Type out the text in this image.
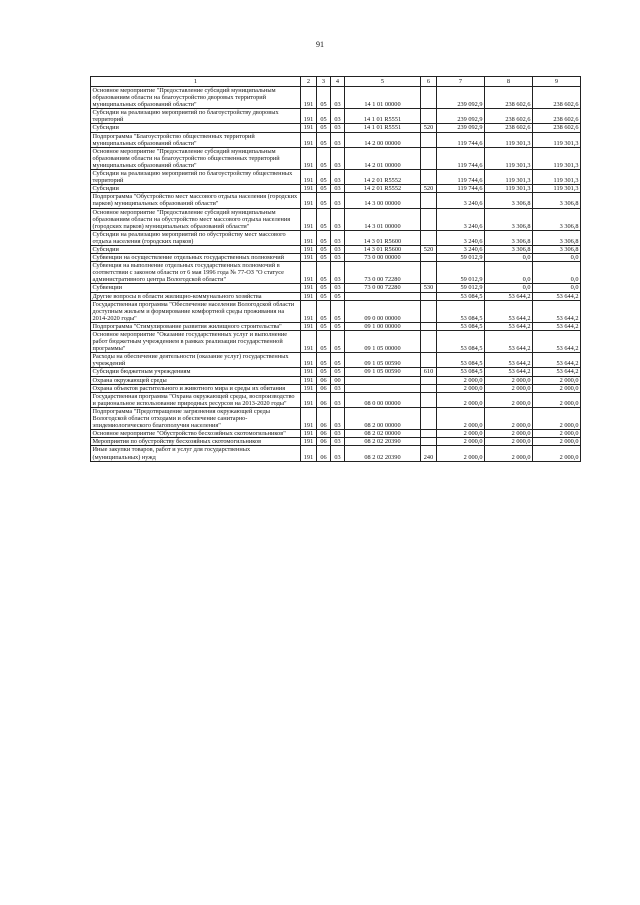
91
1	2	3	4	5	6	7	8	9
Основное мероприятие "Предоставление субсидий муниципальным образованиям области на благоустройство дворовых территорий муниципальных образований области"	191	05	03	14 1 01 00000		239 092,9	238 602,6	238 602,6
Субсидии на реализацию мероприятий по благоустройству дворовых территорий	191	05	03	14 1 01 R5551		239 092,9	238 602,6	238 602,6
Субсидии	191	05	03	14 1 01 R5551	520	239 092,9	238 602,6	238 602,6
Подпрограмма "Благоустройство общественных территорий муниципальных образований области"	191	05	03	14 2 00 00000		119 744,6	119 301,3	119 301,3
Основное мероприятие "Предоставление субсидий муниципальным образованиям области на благоустройство общественных территорий муниципальных образований области"	191	05	03	14 2 01 00000		119 744,6	119 301,3	119 301,3
Субсидии на реализацию мероприятий по благоустройству общественных территорий	191	05	03	14 2 01 R5552		119 744,6	119 301,3	119 301,3
Субсидии	191	05	03	14 2 01 R5552	520	119 744,6	119 301,3	119 301,3
Подпрограмма "Обустройство мест массового отдыха населения (городских парков) муниципальных образований области"	191	05	03	14 3 00 00000		3 240,6	3 306,8	3 306,8
Основное мероприятие "Предоставление субсидий муниципальным образованиям области на обустройство мест массового отдыха населения (городских парков) муниципальных образований области"	191	05	03	14 3 01 00000		3 240,6	3 306,8	3 306,8
Субсидии на реализацию мероприятий по обустройству мест массового отдыха населения (городских парков)	191	05	03	14 3 01 R5600		3 240,6	3 306,8	3 306,8
Субсидии	191	05	03	14 3 01 R5600	520	3 240,6	3 306,8	3 306,8
Субвенции на осуществление отдельных государственных полномочий	191	05	03	73 0 00 00000		59 012,9	0,0	0,0
Субвенция на выполнение отдельных государственных полномочий в соответствии с законом области от 6 мая 1996 года № 77-ОЗ "О статусе административного центра Вологодской области"	191	05	03	73 0 00 72280		59 012,9	0,0	0,0
Субвенции	191	05	03	73 0 00 72280	530	59 012,9	0,0	0,0
Другие вопросы в области жилищно-коммунального хозяйства	191	05	05			53 084,5	53 644,2	53 644,2
Государственная программа "Обеспечение населения Вологодской области доступным жильем и формирование комфортной среды проживания на 2014-2020 годы"	191	05	05	09 0 00 00000		53 084,5	53 644,2	53 644,2
Подпрограмма "Стимулирование развития жилищного строительства"	191	05	05	09 1 00 00000		53 084,5	53 644,2	53 644,2
Основное мероприятие "Оказание государственных услуг и выполнение работ бюджетным учреждением в рамках реализации государственной программы"	191	05	05	09 1 05 00000		53 084,5	53 644,2	53 644,2
Расходы на обеспечение деятельности (оказание услуг) государственных учреждений	191	05	05	09 1 05 00590		53 084,5	53 644,2	53 644,2
Субсидии бюджетным учреждениям	191	05	05	09 1 05 00590	610	53 084,5	53 644,2	53 644,2
Охрана окружающей среды	191	06	00			2 000,0	2 000,0	2 000,0
Охрана объектов растительного и животного мира и среды их обитания	191	06	03			2 000,0	2 000,0	2 000,0
Государственная программа "Охрана окружающей среды, воспроизводство и рациональное использование природных ресурсов на 2013-2020 годы"	191	06	03	08 0 00 00000		2 000,0	2 000,0	2 000,0
Подпрограмма "Предотвращение загрязнения окружающей среды Вологодской области отходами и обеспечение санитарно-эпидемиологического благополучия населения"	191	06	03	08 2 00 00000		2 000,0	2 000,0	2 000,0
Основное мероприятие "Обустройство бесхозяйных скотомогильников"	191	06	03	08 2 02 00000		2 000,0	2 000,0	2 000,0
Мероприятия по обустройству бесхозяйных скотомогильников	191	06	03	08 2 02 20390		2 000,0	2 000,0	2 000,0
Иные закупки товаров, работ и услуг для государственных (муниципальных) нужд	191	06	03	08 2 02 20390	240	2 000,0	2 000,0	2 000,0
